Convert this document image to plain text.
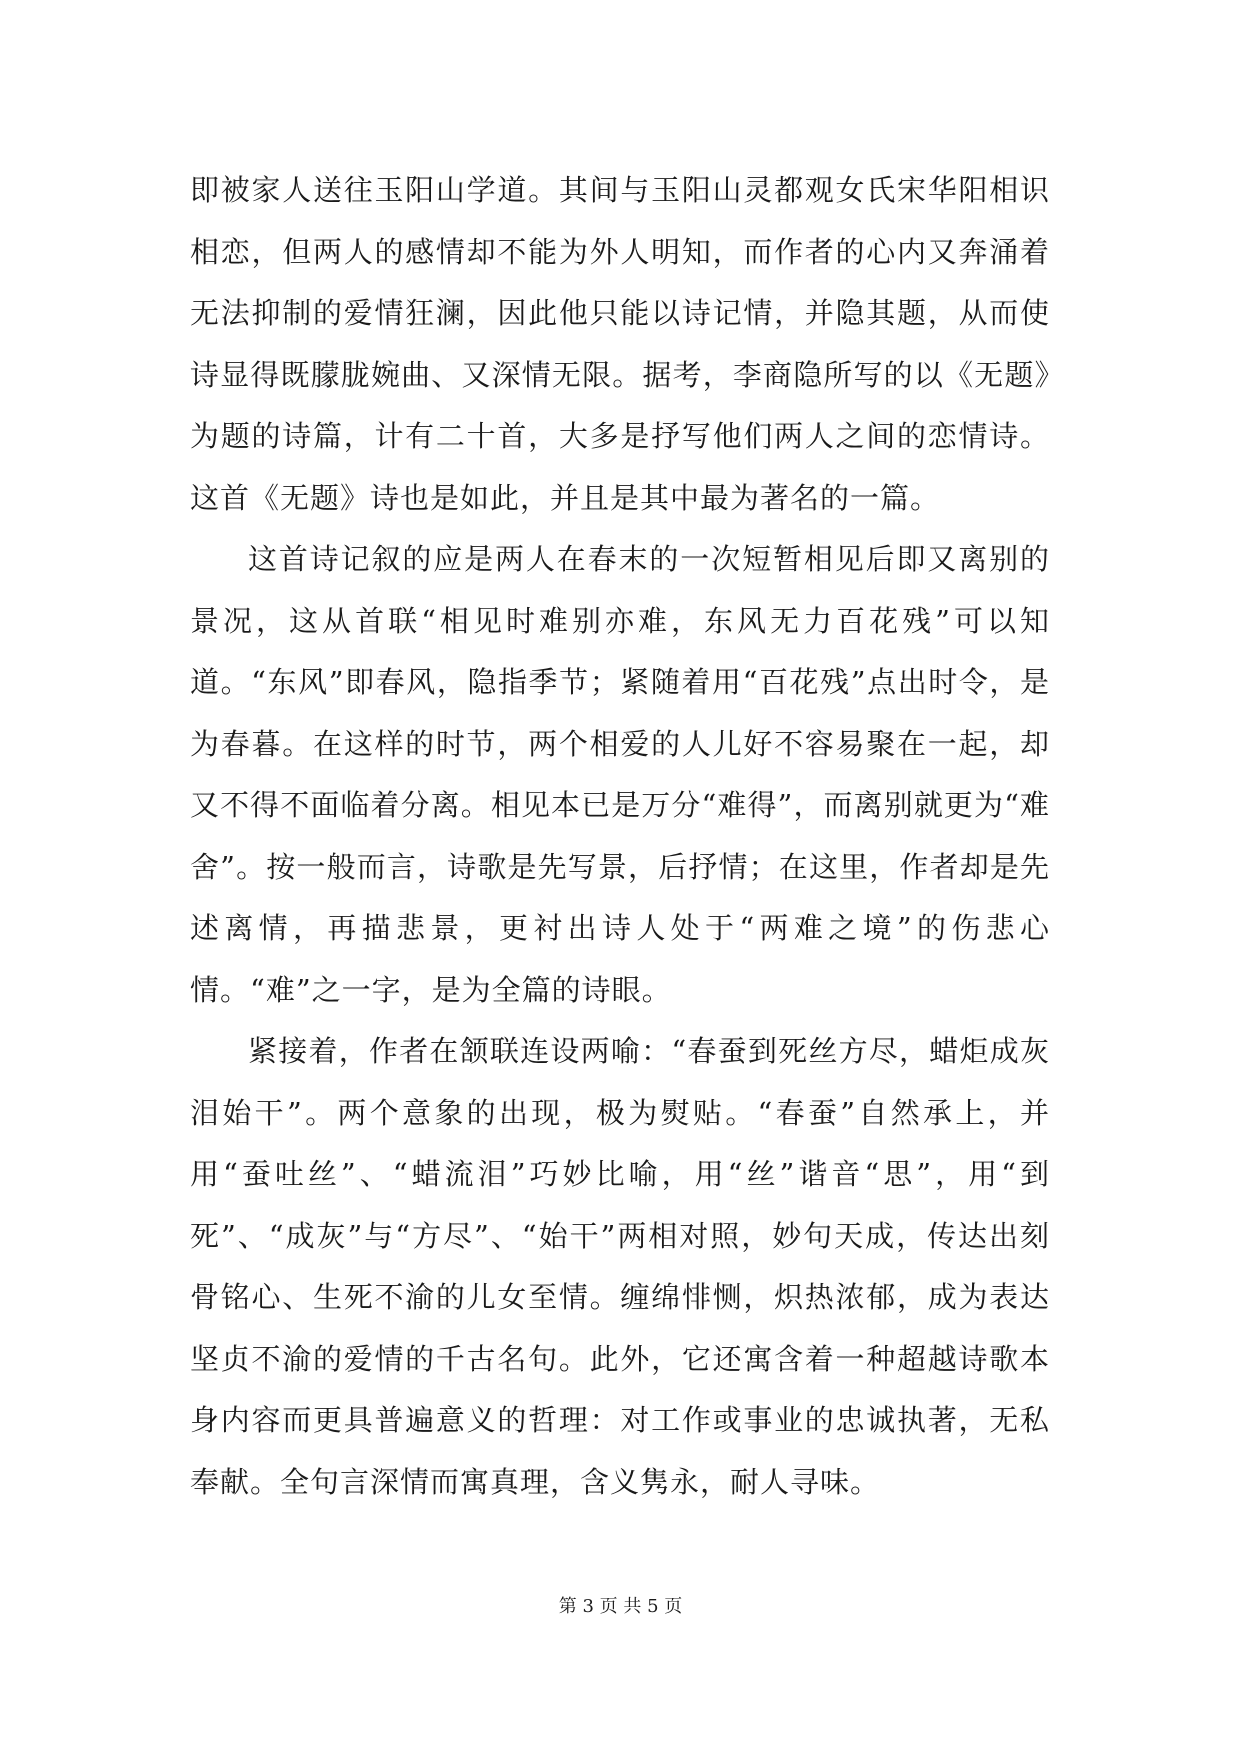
即被家人送往玉阳山学道。其间与玉阳山灵都观女氏宋华阳相识相恋，但两人的感情却不能为外人明知，而作者的心内又奔涌着无法抑制的爱情狂澜，因此他只能以诗记情，并隐其题，从而使诗显得既朦胧婉曲、又深情无限。据考，李商隐所写的以《无题》为题的诗篇，计有二十首，大多是抒写他们两人之间的恋情诗。这首《无题》诗也是如此，并且是其中最为著名的一篇。

这首诗记叙的应是两人在春末的一次短暂相见后即又离别的景况，这从首联“相见时难别亦难，东风无力百花残”可以知道。“东风”即春风，隐指季节；紧随着用“百花残”点出时令，是为春暮。在这样的时节，两个相爱的人儿好不容易聚在一起，却又不得不面临着分离。相见本已是万分“难得”，而离别就更为“难舍”。按一般而言，诗歌是先写景，后抒情；在这里，作者却是先述离情，再描悲景，更衬出诗人处于“两难之境”的伤悲心情。“难”之一字，是为全篇的诗眼。

紧接着，作者在颔联连设两喻：“春蚕到死丝方尽，蜡炬成灰泪始干”。两个意象的出现，极为熨贴。“春蚕”自然承上，并用“蚕吐丝”、“蜡流泪”巧妙比喻，用“丝”谐音“思”，用“到死”、“成灰”与“方尽”、“始干”两相对照，妙句天成，传达出刻骨铭心、生死不渝的儿女至情。缠绵悱恻，炽热浓郁，成为表达坚贞不渝的爱情的千古名句。此外，它还寓含着一种超越诗歌本身内容而更具普遍意义的哲理：对工作或事业的忠诚执著，无私奉献。全句言深情而寓真理，含义隽永，耐人寻味。

第 3 页 共 5 页
